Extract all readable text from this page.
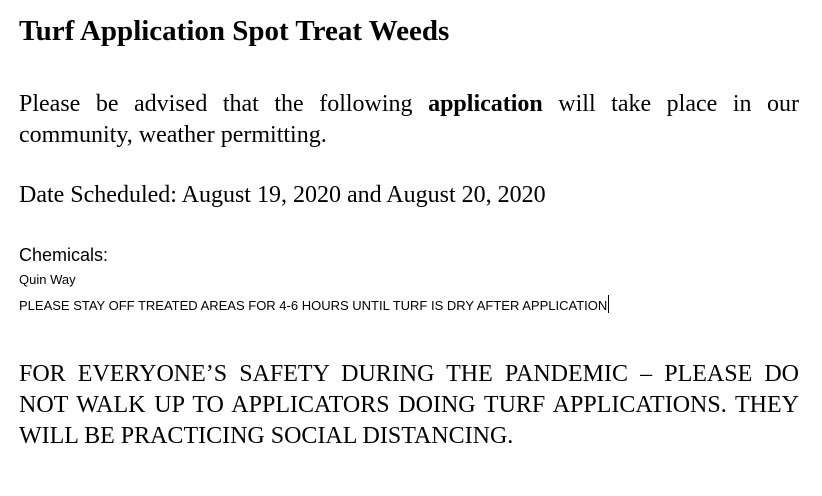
Turf Application Spot Treat Weeds

Please be advised that the following application will take place in our community, weather permitting.

Date Scheduled: August 19, 2020 and August 20, 2020

Chemicals:

Quin Way

PLEASE STAY OFF TREATED AREAS FOR 4-6 HOURS UNTIL TURF IS DRY AFTER APPLICATION

FOR EVERYONE’S SAFETY DURING THE PANDEMIC – PLEASE DO NOT WALK UP TO APPLICATORS DOING TURF APPLICATIONS. THEY WILL BE PRACTICING SOCIAL DISTANCING.
